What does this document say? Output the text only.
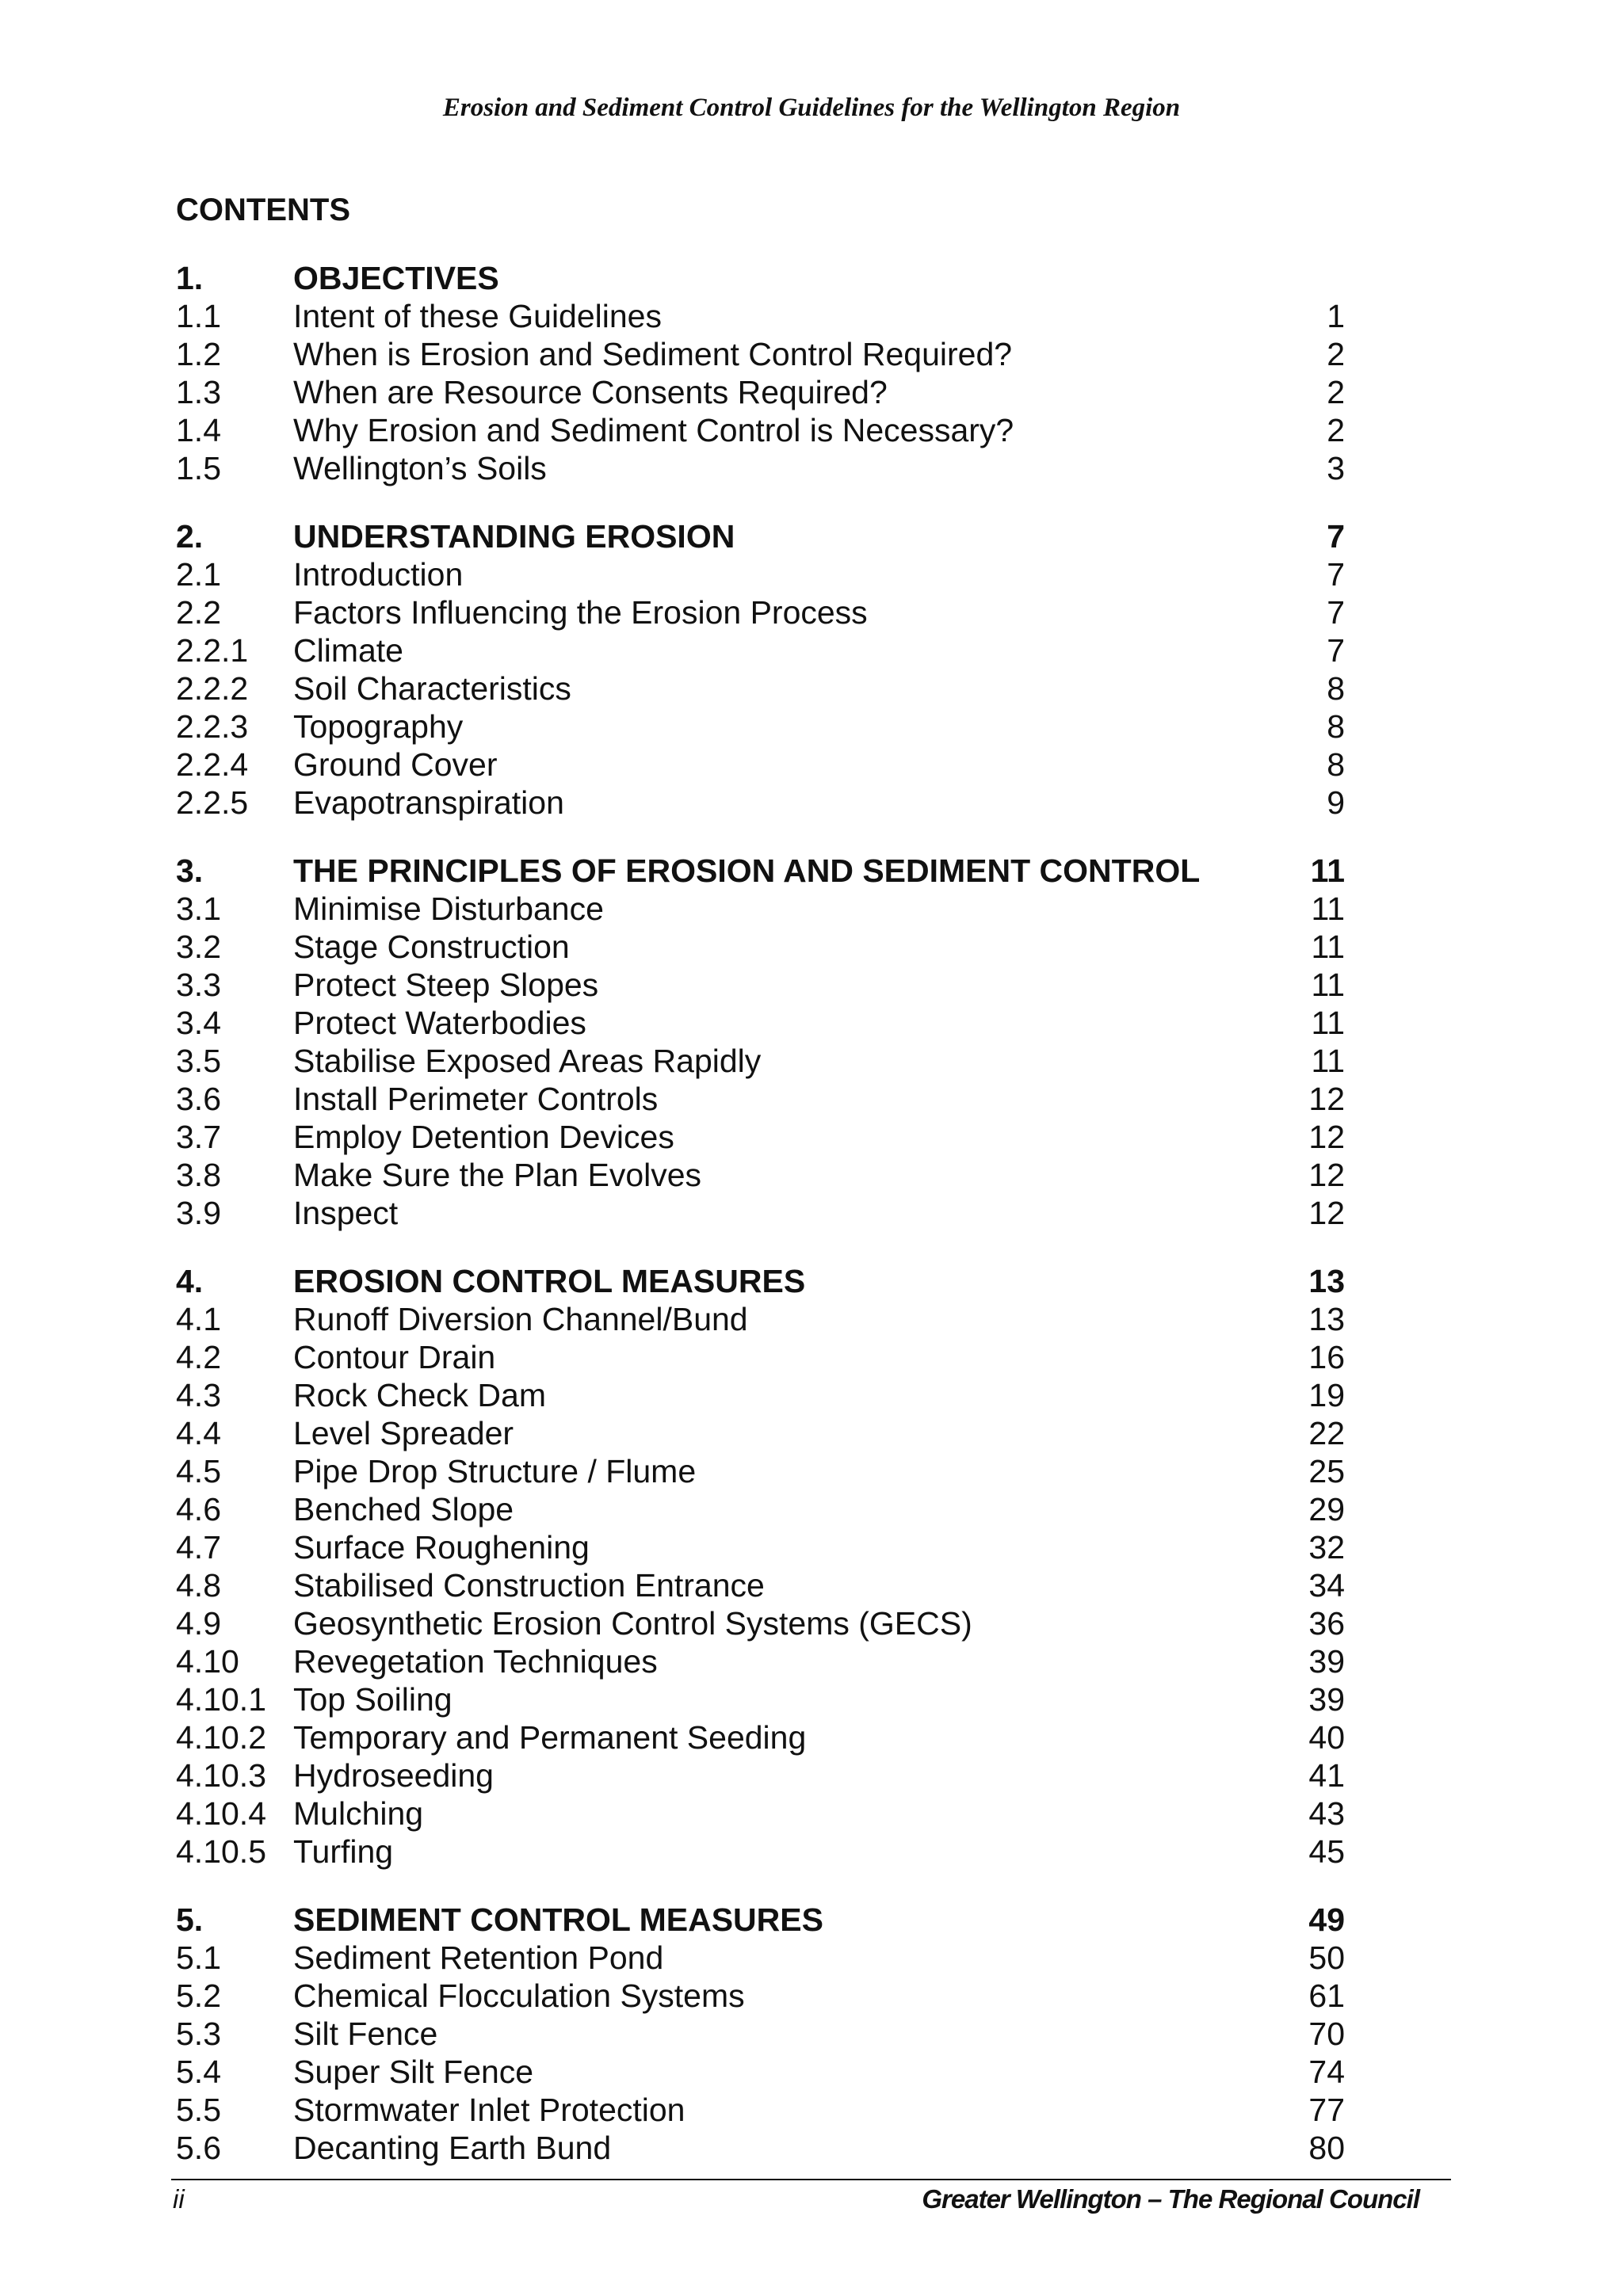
Erosion and Sediment Control Guidelines for the Wellington Region
CONTENTS
1.	OBJECTIVES
1.1 Intent of these Guidelines	1
1.2 When is Erosion and Sediment Control Required?	2
1.3 When are Resource Consents Required?	2
1.4 Why Erosion and Sediment Control is Necessary?	2
1.5 Wellington’s Soils	3
2.	UNDERSTANDING EROSION	7
2.1 Introduction	7
2.2 Factors Influencing the Erosion Process	7
2.2.1 Climate	7
2.2.2 Soil Characteristics	8
2.2.3 Topography	8
2.2.4 Ground Cover	8
2.2.5 Evapotranspiration	9
3.	THE PRINCIPLES OF EROSION AND SEDIMENT CONTROL	11
3.1 Minimise Disturbance	11
3.2 Stage Construction	11
3.3 Protect Steep Slopes	11
3.4 Protect Waterbodies	11
3.5 Stabilise Exposed Areas Rapidly	11
3.6 Install Perimeter Controls	12
3.7 Employ Detention Devices	12
3.8 Make Sure the Plan Evolves	12
3.9 Inspect	12
4.	EROSION CONTROL MEASURES	13
4.1 Runoff Diversion Channel/Bund	13
4.2 Contour Drain	16
4.3 Rock Check Dam	19
4.4 Level Spreader	22
4.5 Pipe Drop Structure / Flume	25
4.6 Benched Slope	29
4.7 Surface Roughening	32
4.8 Stabilised Construction Entrance	34
4.9 Geosynthetic Erosion Control Systems (GECS)	36
4.10 Revegetation Techniques	39
4.10.1 Top Soiling	39
4.10.2 Temporary and Permanent Seeding	40
4.10.3 Hydroseeding	41
4.10.4 Mulching	43
4.10.5 Turfing	45
5.	SEDIMENT CONTROL MEASURES	49
5.1 Sediment Retention Pond	50
5.2 Chemical Flocculation Systems	61
5.3 Silt Fence	70
5.4 Super Silt Fence	74
5.5 Stormwater Inlet Protection	77
5.6 Decanting Earth Bund	80
ii	Greater Wellington – The Regional Council
